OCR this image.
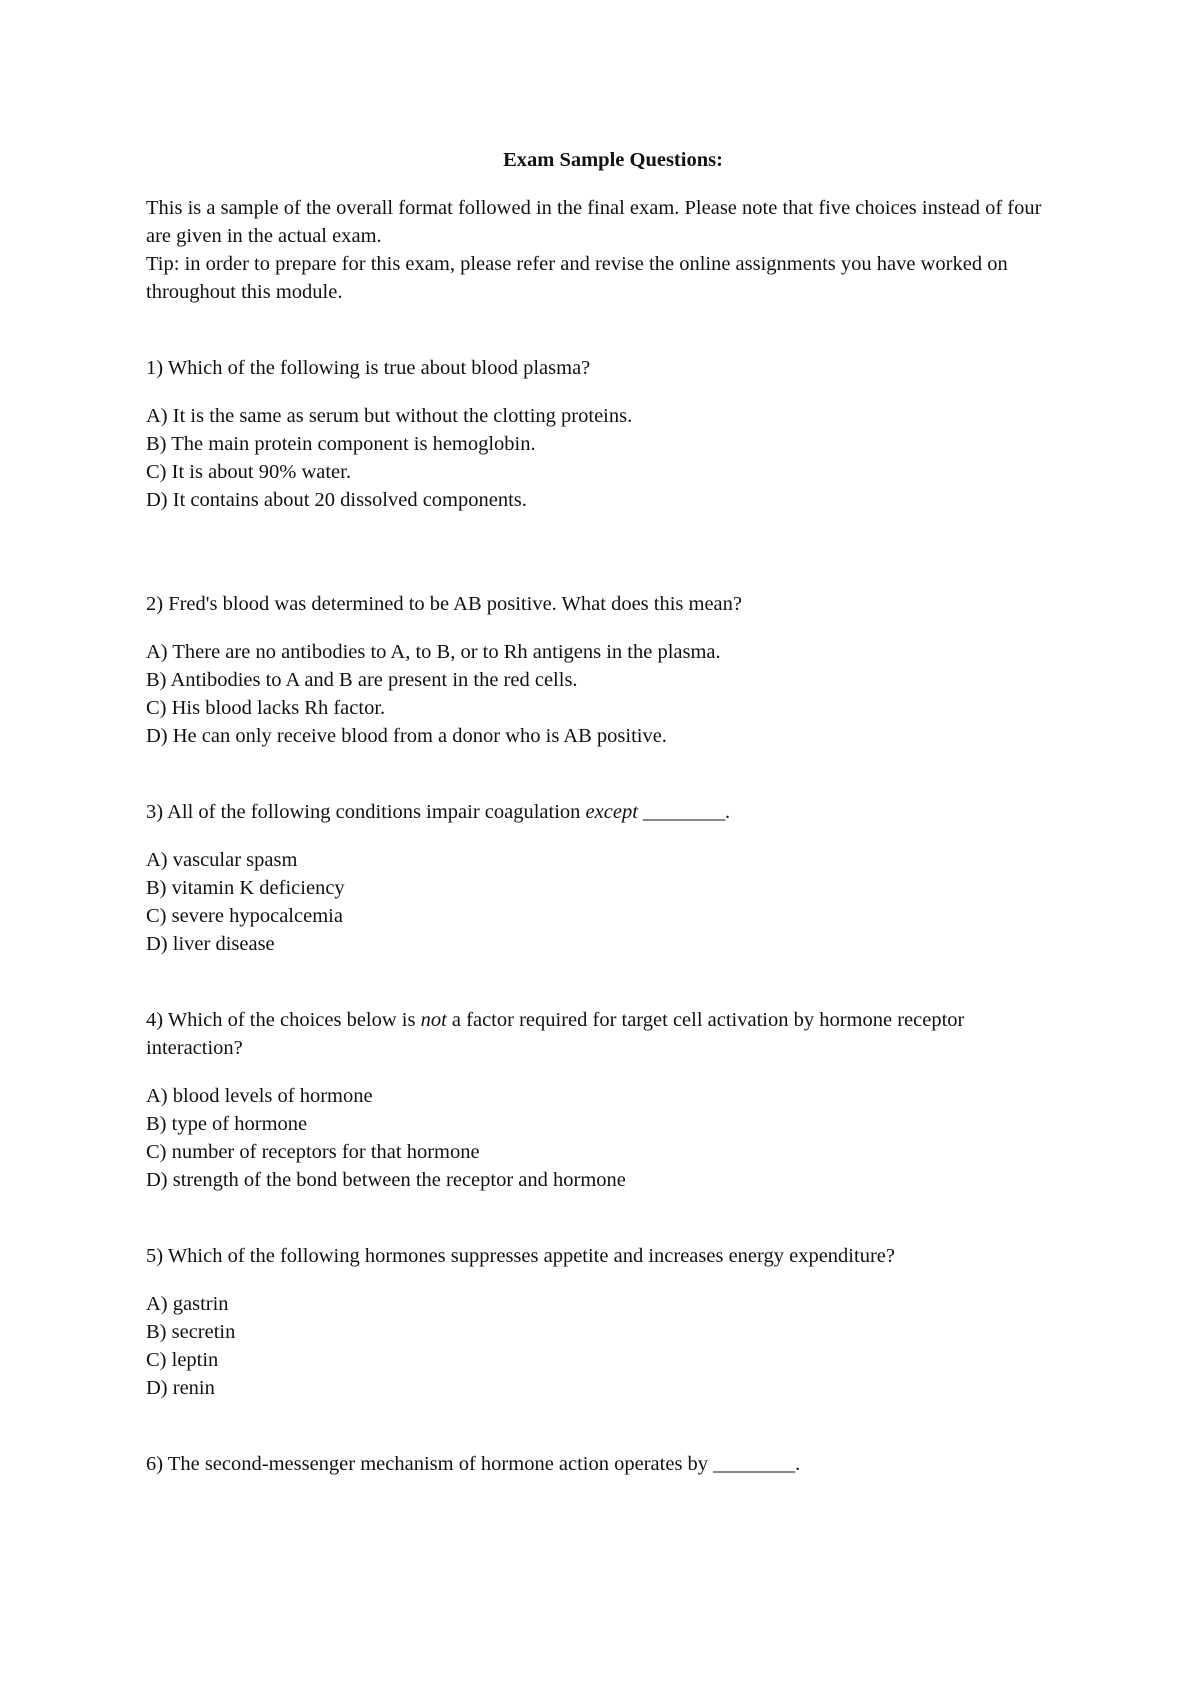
Exam Sample Questions:

This is a sample of the overall format followed in the final exam. Please note that five choices instead of four are given in the actual exam.

Tip: in order to prepare for this exam, please refer and revise the online assignments you have worked on throughout this module.

1) Which of the following is true about blood plasma?

A) It is the same as serum but without the clotting proteins.
B) The main protein component is hemoglobin.
C) It is about 90% water.
D) It contains about 20 dissolved components.

2) Fred's blood was determined to be AB positive. What does this mean?

A) There are no antibodies to A, to B, or to Rh antigens in the plasma.
B) Antibodies to A and B are present in the red cells.
C) His blood lacks Rh factor.
D) He can only receive blood from a donor who is AB positive.

3) All of the following conditions impair coagulation except ________.

A) vascular spasm
B) vitamin K deficiency
C) severe hypocalcemia
D) liver disease

4) Which of the choices below is not a factor required for target cell activation by hormone receptor interaction?

A) blood levels of hormone
B) type of hormone
C) number of receptors for that hormone
D) strength of the bond between the receptor and hormone

5) Which of the following hormones suppresses appetite and increases energy expenditure?

A) gastrin
B) secretin
C) leptin
D) renin

6) The second-messenger mechanism of hormone action operates by ________.
